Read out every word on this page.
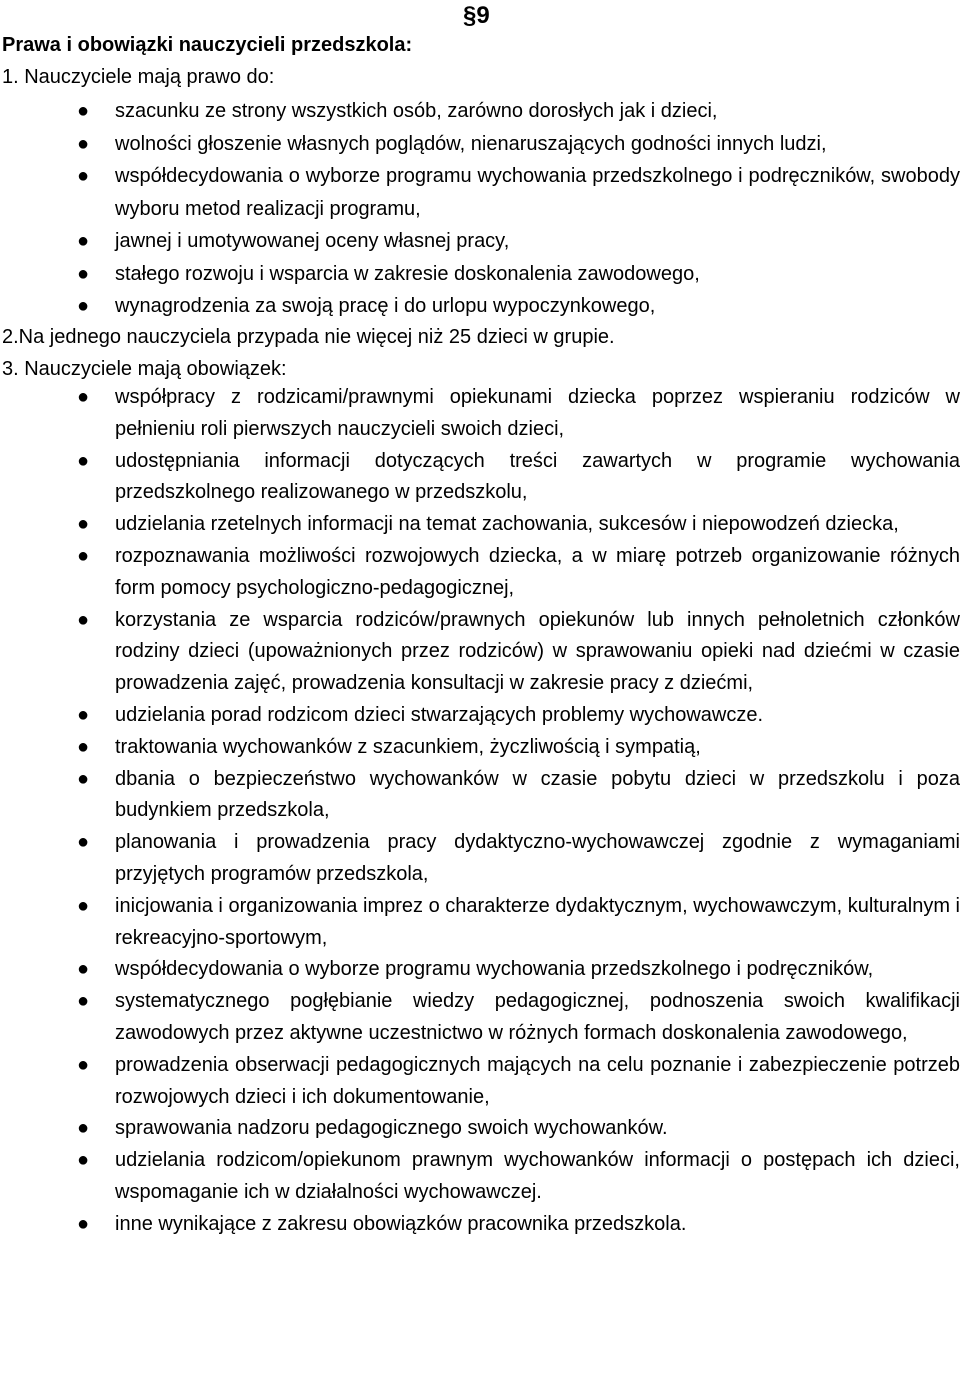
§9
Prawa i obowiązki nauczycieli przedszkola:
1. Nauczyciele mają prawo do:
● szacunku ze strony wszystkich osób, zarówno dorosłych jak i dzieci,
● wolności głoszenie własnych poglądów, nienaruszających godności innych ludzi,
● współdecydowania o wyborze programu wychowania przedszkolnego i podręczników, swobody wyboru metod realizacji programu,
● jawnej i umotywowanej oceny własnej pracy,
● stałego rozwoju i wsparcia w zakresie doskonalenia zawodowego,
● wynagrodzenia za swoją pracę i do urlopu wypoczynkowego,
2.Na jednego nauczyciela przypada nie więcej niż 25 dzieci w grupie.
3. Nauczyciele mają obowiązek:
● współpracy z rodzicami/prawnymi opiekunami dziecka poprzez wspieraniu rodziców w pełnieniu roli pierwszych nauczycieli swoich dzieci,
● udostępniania informacji dotyczących treści zawartych w programie wychowania przedszkolnego realizowanego w przedszkolu,
● udzielania rzetelnych informacji na temat zachowania, sukcesów i niepowodzeń dziecka,
● rozpoznawania możliwości rozwojowych dziecka, a w miarę potrzeb organizowanie różnych form pomocy psychologiczno-pedagogicznej,
● korzystania ze wsparcia rodziców/prawnych opiekunów lub innych pełnoletnich członków rodziny dzieci (upoważnionych przez rodziców) w sprawowaniu opieki nad dziećmi w czasie prowadzenia zajęć, prowadzenia konsultacji w zakresie pracy z dziećmi,
● udzielania porad rodzicom dzieci stwarzających problemy wychowawcze.
● traktowania wychowanków z szacunkiem, życzliwością i sympatią,
● dbania o bezpieczeństwo wychowanków w czasie pobytu dzieci w przedszkolu i poza budynkiem przedszkola,
● planowania i prowadzenia pracy dydaktyczno-wychowawczej zgodnie z wymaganiami przyjętych programów przedszkola,
● inicjowania i organizowania imprez o charakterze dydaktycznym, wychowawczym, kulturalnym i rekreacyjno-sportowym,
● współdecydowania o wyborze programu wychowania przedszkolnego i podręczników,
● systematycznego pogłębianie wiedzy pedagogicznej, podnoszenia swoich kwalifikacji zawodowych przez aktywne uczestnictwo w różnych formach doskonalenia zawodowego,
● prowadzenia obserwacji pedagogicznych mających na celu poznanie i zabezpieczenie potrzeb rozwojowych dzieci i ich dokumentowanie,
● sprawowania nadzoru pedagogicznego swoich wychowanków.
● udzielania rodzicom/opiekunom prawnym wychowanków informacji o postępach ich dzieci, wspomaganie ich w działalności wychowawczej.
● inne wynikające z zakresu obowiązków pracownika przedszkola.
